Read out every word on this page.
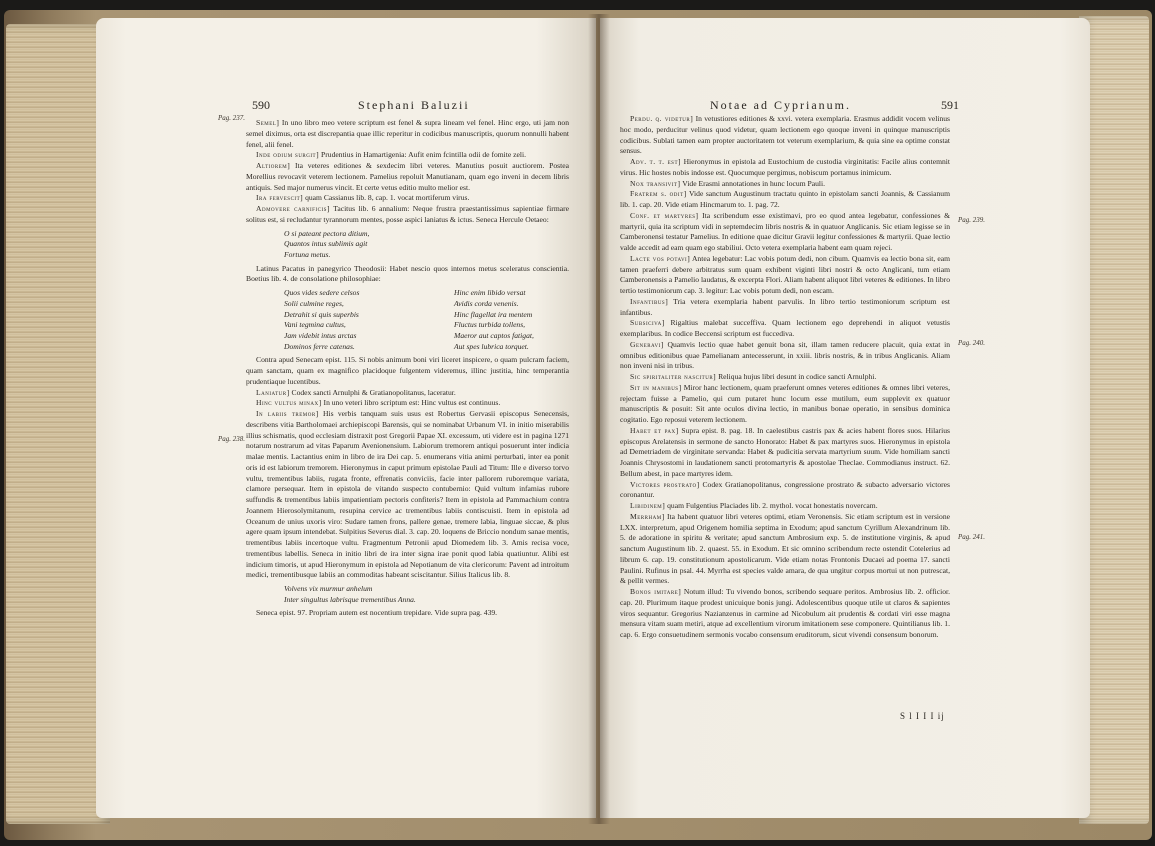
590	Stephani Baluzii

Semel] In uno libro meo vetere scriptum est fenel & supra lineam vel fenel. Hinc ergo, uti jam non semel diximus, orta est discrepantia quae illic reperitur in codicibus manuscriptis, quorum nonnulli habent fenel, alii fenel.

Inde odium surgit] Prudentius in Hamartigenia: Aufit enim fcintilla odii de fomite zeli.

Altiorem] Ita veteres editiones & sexdecim libri veteres. Manutius posuit auctiorem. Postea Morellius revocavit veterem lectionem. Pamelius repoluit Manutianam, quam ego inveni in decem libris antiquis. Sed major numerus vincit. Et certe vetus editio multo melior est.

Ira fervescit] quam Cassianus lib. 8, cap. 1. vocat mortiferum virus.

Admovere carnificis] Tacitus lib. 6 annalium: Neque frustra praestantissimus sapientiae firmare solitus est, si recludantur tyrannorum mentes, posse aspici laniatus & ictus. Seneca Hercule Oetaeo:

O si pateant pectora ditium,
Quantos intus sublimis agit
Fortuna metus.

Latinus Pacatus in panegyrico Theodosii: Habet nescio quos internos metus sceleratus conscientia. Boetius lib. 4. de consolatione philosophiae:

Quos vides sedere celsos	Hinc enim libido versat
Solii culmine reges,	Avidis corda venenis.
Detrahit si quis superbis	Hinc flagellat ira mentem
Vani tegmina cultus,	Fluctus turbida tollens,
Jam videbit intus arctas	Maeror aut captos fatigat,
Dominos ferre catenas.	Aut spes lubrica torquet.

Contra apud Senecam epist. 115. Si nobis animum boni viri liceret inspicere, o quam pulcram faciem, quam sanctam, quam ex magnifico placidoque fulgentem videremus, illinc justitia, hinc temperantia prudentiaque lucentibus.

Laniatur] Codex sancti Arnulphi & Gratianopolitanus, laceratur.

Hinc vultus minax] In uno veteri libro scriptum est: Hinc vultus est continuus.

In labiis tremor] His verbis tanquam suis usus est Robertus Gervasii episcopus Senecensis, describens vitia Bartholomaei archiepiscopi Barensis, qui se nominabat Urbanum VI. in initio miserabilis illius schismatis, quod ecclesiam distraxit post Gregorii Papae XI. excessum, uti videre est in pagina 1271 notarum nostrarum ad vitas Paparum Avenionensium. Labiorum tremorem antiqui posuerunt inter indicia malae mentis. Lactantius enim in libro de ira Dei cap. 5. enumerans vitia animi perturbati, inter ea ponit oris id est labiorum tremorem. Hieronymus in caput primum epistolae Pauli ad Titum: Ille e diverso torvo vultu, trementibus labiis, rugata fronte, effrenatis conviciis, facie inter pallorem ruboremque variata, clamore persequar. Item in epistola de vitando suspecto contubernio: Quid vultum infamias rubore suffundis & trementibus labiis impatientiam pectoris confiteris? Item in epistola ad Pammachium contra Joannem Hierosolymitanum, resupina cervice ac trementibus labiis contiscuisti. Item in epistola ad Oceanum de unius uxoris viro: Sudare tamen frons, pallere genae, tremere labia, linguae siccae, & plus agere quam ipsum intendebat. Sulpitius Severus dial. 3. cap. 20. loquens de Briccio nondum sanae mentis, trementibus labiis incertoque vultu. Fragmentum Petronii apud Diomedem lib. 3. Amis recisa voce, trementibus labellis. Seneca in initio libri de ira inter signa irae ponit quod labia quatiuntur. Alibi est indicium timoris, ut apud Hieronymum in epistola ad Nepotianum de vita clericorum: Pavent ad introitum medici, trementibusque labiis an commoditas habeant sciscitantur. Silius Italicus lib. 8.

Volvens vix murmur anhelum
Inter singultus labrisque trementibus Anna.

Seneca epist. 97. Propriam autem est nocentium trepidare. Vide supra pag. 439.

Pag. 237.
Pag. 238.
Notae ad Cyprianum.	591

Perdu. q. videtur] In vetustiores editiones & xxvi. vetera exemplaria. Erasmus addidit vocem velinus hoc modo, perducitur velinus quod videtur, quam lectionem ego quoque inveni in quinque manuscriptis codicibus. Sublati tamen eam propter auctoritatem tot veterum exemplarium, & quia sine ea optime constat sensus.

Adv. t. t. est] Hieronymus in epistola ad Eustochium de custodia virginitatis: Facile alius contemnit virus. Hic hostes nobis indosse est. Quocumque pergimus, nobiscum portamus inimicum.

Nox transivit] Vide Erasmi annotationes in hunc locum Pauli.

Fratrem s. odit] Vide sanctum Augustinum tractatu quinto in epistolam sancti Joannis, & Cassianum lib. 1. cap. 20. Vide etiam Hincmarum to. 1. pag. 72.

Conf. et martyres] Ita scribendum esse existimavi, pro eo quod antea legebatur, confessiones & martyrii, quia ita scriptum vidi in septemdecim libris nostris & in quatuor Anglicanis. Sic etiam legisse se in Camberonensi testatur Pamelius. In editione quae dicitur Gravii legitur confessiones & martyrii. Quae lectio valde accedit ad eam quam ego stabiliui. Octo vetera exemplaria habent eam quam rejeci.

Lacte vos potavi] Antea legebatur: Lac vobis potum dedi, non cibum. Quamvis ea lectio bona sit, eam tamen praeferri debere arbitratus sum quam exhibent viginti libri nostri & octo Anglicani, tum etiam Camberonensis a Pamelio laudatus, & excerpta Flori. Aliam habent aliquot libri veteres & editiones. In libro tertio testimoniorum cap. 3. legitur: Lac vobis potum dedi, non escam.

Infantibus] Tria vetera exemplaria habent parvulis. In libro tertio testimoniorum scriptum est infantibus.

Subsiciva] Rigaltius malebat succeffiva. Quam lectionem ego deprehendi in aliquot vetustis exemplaribus. In codice Beccensi scriptum est fuccediva.

Generavi] Quamvis lectio quae habet genuit bona sit, illam tamen reducere placuit, quia extat in omnibus editionibus quae Pamelianam antecesserunt, in xxiii. libris nostris, & in tribus Anglicanis. Aliam non inveni nisi in tribus.

Sic spiritaliter nascitur] Reliqua hujus libri desunt in codice sancti Arnulphi.

Sit in manibus] Miror hanc lectionem, quam praeferunt omnes veteres editiones & omnes libri veteres, rejectam fuisse a Pamelio, qui cum putaret hunc locum esse mutilum, eum supplevit ex quatuor manuscriptis & posuit: Sit ante oculos divina lectio, in manibus bonae operatio, in sensibus dominica cogitatio. Ego reposui veterem lectionem.

Habet et pax] Supra epist. 8. pag. 18. In caelestibus castris pax & acies habent flores suos. Hilarius episcopus Arelatensis in sermone de sancto Honorato: Habet & pax martyres suos. Hieronymus in epistola ad Demetriadem de virginitate servanda: Habet & pudicitia servata martyrium suum. Vide homiliam sancti Joannis Chrysostomi in laudationem sancti protomartyris & apostolae Theclae. Commodianus instruct. 62. Bellum abest, in pace martyres idem.

Victores prostrato] Codex Gratianopolitanus, congressione prostrato & subacto adversario victores coronantur.

Libidinem] quam Fulgentius Placiades lib. 2. mythol. vocat honestatis novercam.

Merrham] Ita habent quatuor libri veteres optimi, etiam Veronensis. Sic etiam scriptum est in versione LXX. interpretum, apud Origenem homilia septima in Exodum; apud sanctum Cyrillum Alexandrinum lib. 5. de adoratione in spiritu & veritate; apud sanctum Ambrosium exp. 5. de institutione virginis, & apud sanctum Augustinum lib. 2. quaest. 55. in Exodum. Et sic omnino scribendum recte ostendit Cotelerius ad librum 6. cap. 19. constitutionum apostolicarum. Vide etiam notas Frontonis Ducaei ad poema 17. sancti Paulini. Rufinus in psal. 44. Myrrha est species valde amara, de qua ungitur corpus mortui ut non putrescat, & pellit vermes.

Bonos imitare] Notum illud: Tu vivendo bonos, scribendo sequare peritos. Ambrosius lib. 2. officior. cap. 20. Plurimum itaque prodest unicuique bonis jungi. Adolescentibus quoque utile ut claros & sapientes viros sequantur. Gregorius Nazianzenus in carmine ad Nicobulum ait prudentis & cordati viri esse magna mensura vitam suam metiri, atque ad excellentium virorum imitationem sese componere. Quintilianus lib. 1. cap. 6. Ergo consuetudinem sermonis vocabo consensum eruditorum, sicut vivendi consensum bonorum.

S l I I I ij
Pag. 239.
Pag. 240.
Pag. 241.
